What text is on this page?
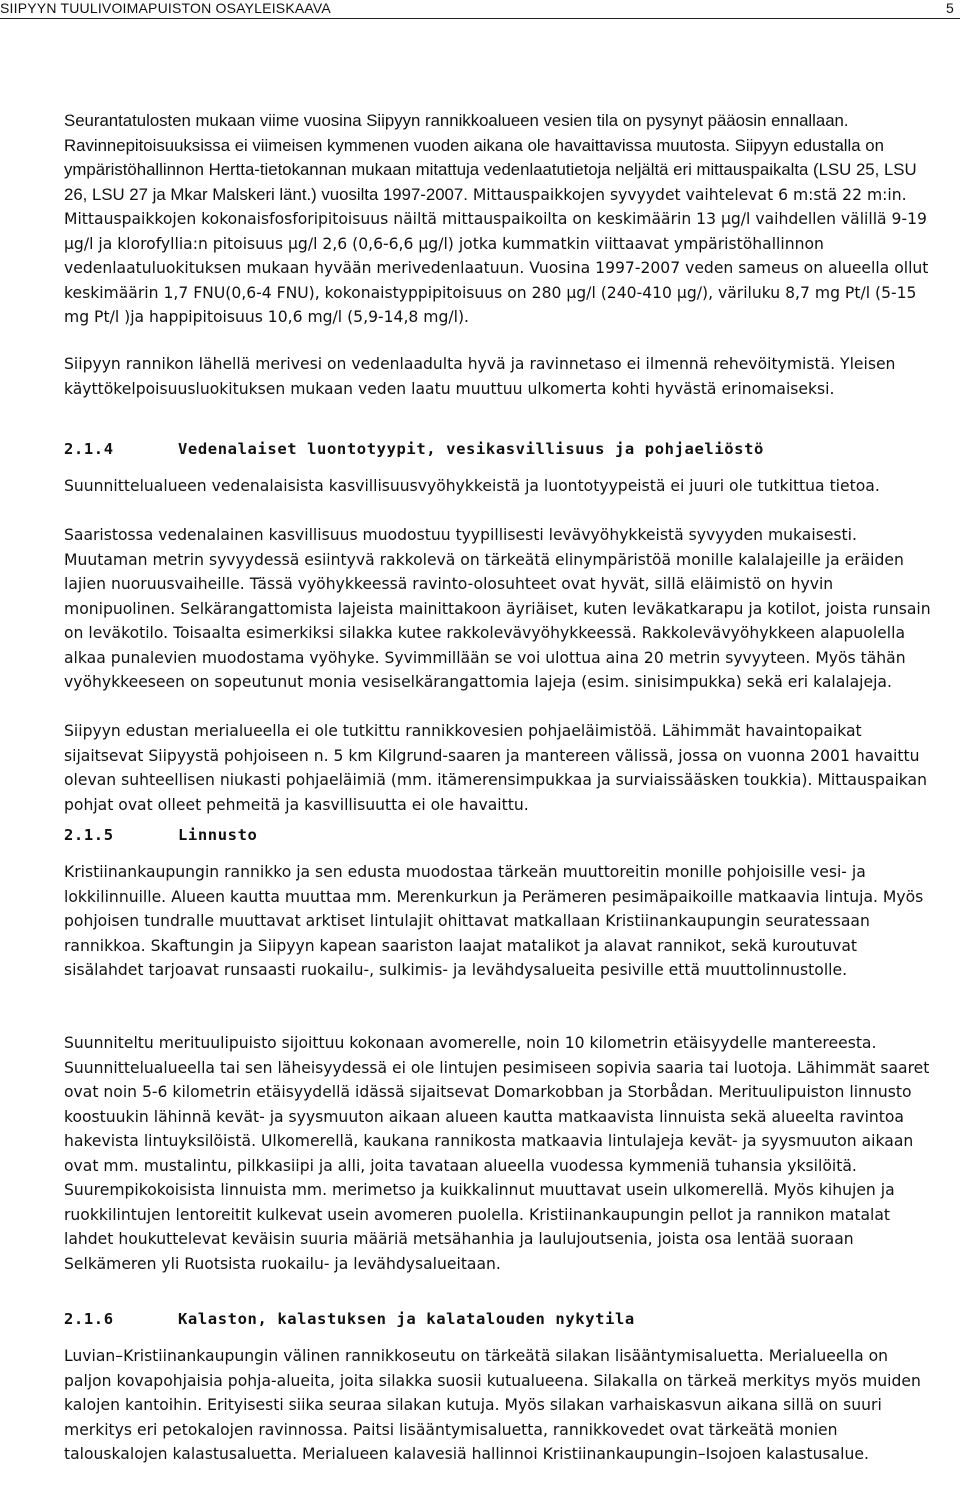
SIIPYYN TUULIVOIMAPUISTON OSAYLEISKAAVA	5

Seurantatulosten mukaan viime vuosina Siipyyn rannikkoalueen vesien tila on pysynyt pääosin ennallaan. Ravinnepitoisuuksissa ei viimeisen kymmenen vuoden aikana ole havaittavissa muutosta. Siipyyn edustalla on ympäristöhallinnon Hertta-tietokannan mukaan mitattuja vedenlaatutietoja neljältä eri mittauspaikalta (LSU 25, LSU 26, LSU 27 ja Mkar Malskeri länt.) vuosilta 1997-2007. Mittauspaikkojen syvyydet vaihtelevat 6 m:stä 22 m:in. Mittauspaikkojen kokonaisfosforipitoisuus näiltä mittauspaikoilta on keskimäärin 13 µg/l vaihdellen välillä 9-19 µg/l ja klorofyllia:n pitoisuus µg/l 2,6 (0,6-6,6 µg/l) jotka kummatkin viittaavat ympäristöhallinnon vedenlaatuluokituksen mukaan hyvään merivedenlaatuun. Vuosina 1997-2007 veden sameus on alueella ollut keskimäärin 1,7 FNU(0,6-4 FNU), kokonaistyppipitoisuus on 280 µg/l (240-410 µg/), väriluku 8,7 mg Pt/l (5-15 mg Pt/l )ja happipitoisuus 10,6 mg/l (5,9-14,8 mg/l).

Siipyyn rannikon lähellä merivesi on vedenlaadulta hyvä ja ravinnetaso ei ilmennä rehevöitymistä. Yleisen käyttökelpoisuusluokituksen mukaan veden laatu muuttuu ulkomerta kohti hyvästä erinomaiseksi.

2.1.4	Vedenalaiset luontotyypit, vesikasvillisuus ja pohjaeliöstö

Suunnittelualueen vedenalaisista kasvillisuusvyöhykkeistä ja luontotyypeistä ei juuri ole tutkittua tietoa.

Saaristossa vedenalainen kasvillisuus muodostuu tyypillisesti levävyöhykkeistä syvyyden mukaisesti. Muutaman metrin syvyydessä esiintyvä rakkolevä on tärkeätä elinympäristöä monille kalalajeille ja eräiden lajien nuoruusvaiheille. Tässä vyöhykkeessä ravinto-olosuhteet ovat hyvät, sillä eläimistö on hyvin monipuolinen. Selkärangattomista lajeista mainittakoon äyriäiset, kuten leväkatkarapu ja kotilot, joista runsain on leväkotilo. Toisaalta esimerkiksi silakka kutee rakkolevävyöhykkeessä. Rakkolevävyöhykkeen alapuolella alkaa punalevien muodostama vyöhyke. Syvimmillään se voi ulottua aina 20 metrin syvyyteen. Myös tähän vyöhykkeeseen on sopeutunut monia vesiselkärangattomia lajeja (esim. sinisimpukka) sekä eri kalalajeja.

Siipyyn edustan merialueella ei ole tutkittu rannikkovesien pohjaeläimistöä. Lähimmät havaintopaikat sijaitsevat Siipyystä pohjoiseen n. 5 km Kilgrund-saaren ja mantereen välissä, jossa on vuonna 2001 havaittu olevan suhteellisen niukasti pohjaeläimiä (mm. itämerensimpukkaa ja surviaissääsken toukkia). Mittauspaikan pohjat ovat olleet pehmeitä ja kasvillisuutta ei ole havaittu.

2.1.5	Linnusto

Kristiinankaupungin rannikko ja sen edusta muodostaa tärkeän muuttoreitin monille pohjoisille vesi- ja lokkilinnuille. Alueen kautta muuttaa mm. Merenkurkun ja Perämeren pesimäpaikoille matkaavia lintuja. Myös pohjoisen tundralle muuttavat arktiset lintulajit ohittavat matkallaan Kristiinankaupungin seuratessaan rannikkoa. Skaftungin ja Siipyyn kapean saariston laajat matalikot ja alavat rannikot, sekä kuroutuvat sisälahdet tarjoavat runsaasti ruokailu-, sulkimis- ja levähdysalueita pesiville että muuttolinnustolle.

Suunniteltu merituulipuisto sijoittuu kokonaan avomerelle, noin 10 kilometrin etäisyydelle mantereesta. Suunnittelualueella tai sen läheisyydessä ei ole lintujen pesimiseen sopivia saaria tai luotoja. Lähimmät saaret ovat noin 5-6 kilometrin etäisyydellä idässä sijaitsevat Domarkobban ja Storbådan. Merituulipuiston linnusto koostuukin lähinnä kevät- ja syysmuuton aikaan alueen kautta matkaavista linnuista sekä alueelta ravintoa hakevista lintuyksilöistä. Ulkomerellä, kaukana rannikosta matkaavia lintulajeja kevät- ja syysmuuton aikaan ovat mm. mustalintu, pilkkasiipi ja alli, joita tavataan alueella vuodessa kymmeniä tuhansia yksilöitä. Suurempikokoisista linnuista mm. merimetso ja kuikkalinnut muuttavat usein ulkomerellä. Myös kihujen ja ruokkilintujen lentoreitit kulkevat usein avomeren puolella. Kristiinankaupungin pellot ja rannikon matalat lahdet houkuttelevat keväisin suuria määriä metsähanhia ja laulujoutsenia, joista osa lentää suoraan Selkämeren yli Ruotsista ruokailu- ja levähdysalueitaan.

2.1.6	Kalaston, kalastuksen ja kalatalouden nykytila

Luvian–Kristiinankaupungin välinen rannikkoseutu on tärkeätä silakan lisääntymisaluetta. Merialueella on paljon kovapohjaisia pohja-alueita, joita silakka suosii kutualueena. Silakalla on tärkeä merkitys myös muiden kalojen kantoihin. Erityisesti siika seuraa silakan kutuja. Myös silakan varhaiskasvun aikana sillä on suuri merkitys eri petokalojen ravinnossa. Paitsi lisääntymisaluetta, rannikkovedet ovat tärkeätä monien talouskalojen kalastusaluetta. Merialueen kalavesiä hallinnoi Kristiinankaupungin–Isojoen kalastusalue.
